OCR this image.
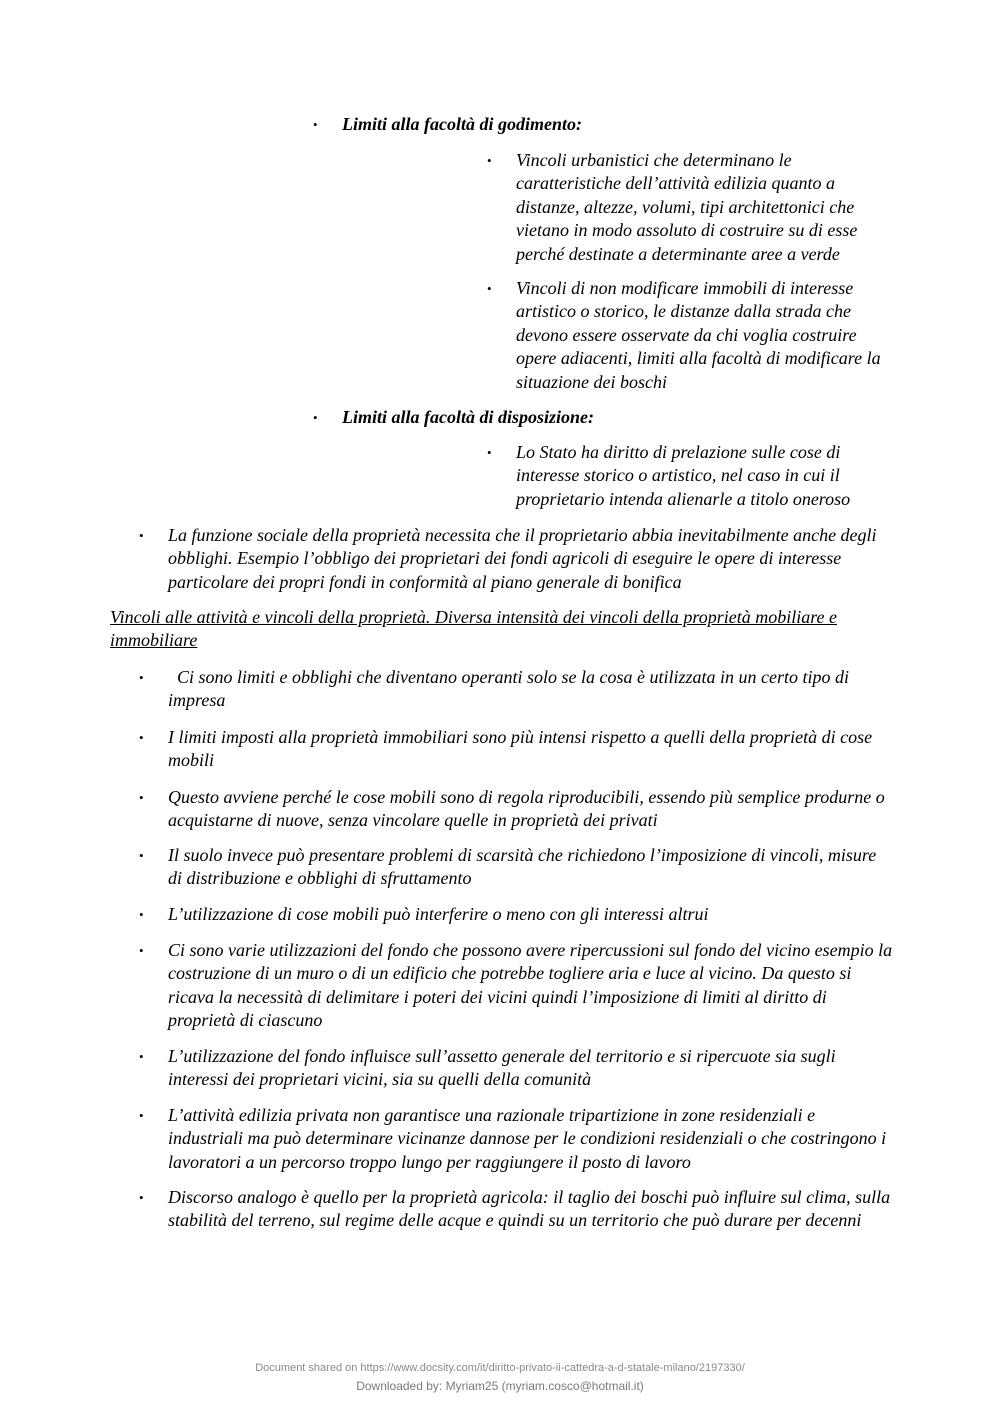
• Limiti alla facoltà di godimento:
• Vincoli urbanistici che determinano le caratteristiche dell’attività edilizia quanto a distanze, altezze, volumi, tipi architettonici che vietano in modo assoluto di costruire su di esse perché destinate a determinante aree a verde
• Vincoli di non modificare immobili di interesse artistico o storico, le distanze dalla strada che devono essere osservate da chi voglia costruire opere adiacenti, limiti alla facoltà di modificare la situazione dei boschi
• Limiti alla facoltà di disposizione:
• Lo Stato ha diritto di prelazione sulle cose di interesse storico o artistico, nel caso in cui il proprietario intenda alienarle a titolo oneroso
• La funzione sociale della proprietà necessita che il proprietario abbia inevitabilmente anche degli obblighi. Esempio l’obbligo dei proprietari dei fondi agricoli di eseguire le opere di interesse particolare dei propri fondi in conformità al piano generale di bonifica
Vincoli alle attività e vincoli della proprietà. Diversa intensità dei vincoli della proprietà mobiliare e immobiliare
•	Ci sono limiti e obblighi che diventano operanti solo se la cosa è utilizzata in un certo tipo di impresa
• I limiti imposti alla proprietà immobiliari sono più intensi rispetto a quelli della proprietà di cose mobili
• Questo avviene perché le cose mobili sono di regola riproducibili, essendo più semplice produrne o acquistarne di nuove, senza vincolare quelle in proprietà dei privati
• Il suolo invece può presentare problemi di scarsità che richiedono l’imposizione di vincoli, misure di distribuzione e obblighi di sfruttamento
• L’utilizzazione di cose mobili può interferire o meno con gli interessi altrui
• Ci sono varie utilizzazioni del fondo che possono avere ripercussioni sul fondo del vicino esempio la costruzione di un muro o di un edificio che potrebbe togliere aria e luce al vicino. Da questo si ricava la necessità di delimitare i poteri dei vicini quindi l’imposizione di limiti al diritto di proprietà di ciascuno
• L’utilizzazione del fondo influisce sull’assetto generale del territorio e si ripercuote sia sugli interessi dei proprietari vicini, sia su quelli della comunità
• L’attività edilizia privata non garantisce una razionale tripartizione in zone residenziali e industriali ma può determinare vicinanze dannose per le condizioni residenziali o che costringono i lavoratori a un percorso troppo lungo per raggiungere il posto di lavoro
• Discorso analogo è quello per la proprietà agricola: il taglio dei boschi può influire sul clima, sulla stabilità del terreno, sul regime delle acque e quindi su un territorio che può durare per decenni
Document shared on https://www.docsity.com/it/diritto-privato-ii-cattedra-a-d-statale-milano/2197330/
Downloaded by: Myriam25 (myriam.cosco@hotmail.it)
